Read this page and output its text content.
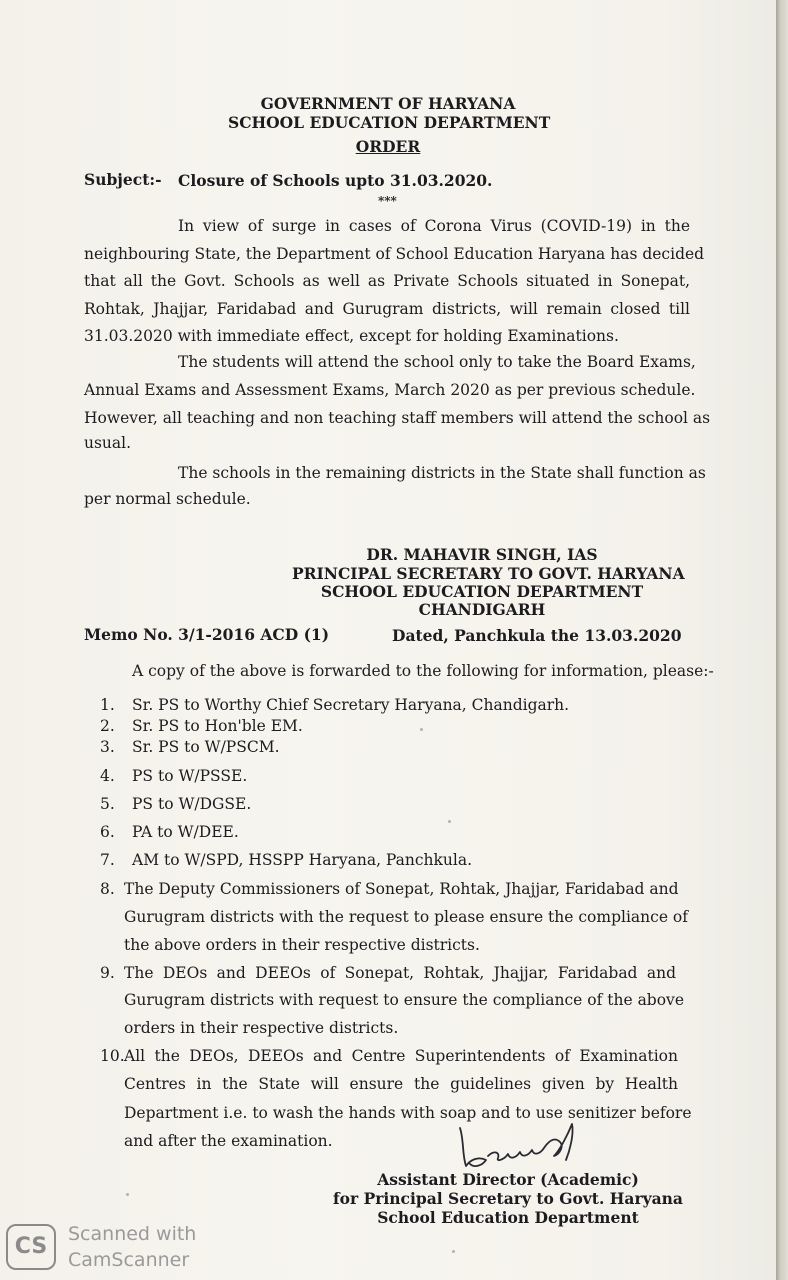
GOVERNMENT OF HARYANA
SCHOOL EDUCATION DEPARTMENT
ORDER
Subject:- Closure of Schools upto 31.03.2020.
***
In view of surge in cases of Corona Virus (COVID-19) in the
neighbouring State, the Department of School Education Haryana has decided
that all the Govt. Schools as well as Private Schools situated in Sonepat,
Rohtak, Jhajjar, Faridabad and Gurugram districts, will remain closed till
31.03.2020 with immediate effect, except for holding Examinations.
The students will attend the school only to take the Board Exams,
Annual Exams and Assessment Exams, March 2020 as per previous schedule.
However, all teaching and non teaching staff members will attend the school as
usual.
The schools in the remaining districts in the State shall function as
per normal schedule.
DR. MAHAVIR SINGH, IAS
PRINCIPAL SECRETARY TO GOVT. HARYANA
SCHOOL EDUCATION DEPARTMENT
CHANDIGARH
Memo No. 3/1-2016 ACD (1)	Dated, Panchkula the 13.03.2020
A copy of the above is forwarded to the following for information, please:-
1. Sr. PS to Worthy Chief Secretary Haryana, Chandigarh.
2. Sr. PS to Hon'ble EM.
3. Sr. PS to W/PSCM.
4. PS to W/PSSE.
5. PS to W/DGSE.
6. PA to W/DEE.
7. AM to W/SPD, HSSPP Haryana, Panchkula.
8. The Deputy Commissioners of Sonepat, Rohtak, Jhajjar, Faridabad and
Gurugram districts with the request to please ensure the compliance of
the above orders in their respective districts.
9. The DEOs and DEEOs of Sonepat, Rohtak, Jhajjar, Faridabad and
Gurugram districts with request to ensure the compliance of the above
orders in their respective districts.
10. All the DEOs, DEEOs and Centre Superintendents of Examination
Centres in the State will ensure the guidelines given by Health
Department i.e. to wash the hands with soap and to use senitizer before
and after the examination.
Assistant Director (Academic)
for Principal Secretary to Govt. Haryana
School Education Department
CS	Scanned with
CamScanner
